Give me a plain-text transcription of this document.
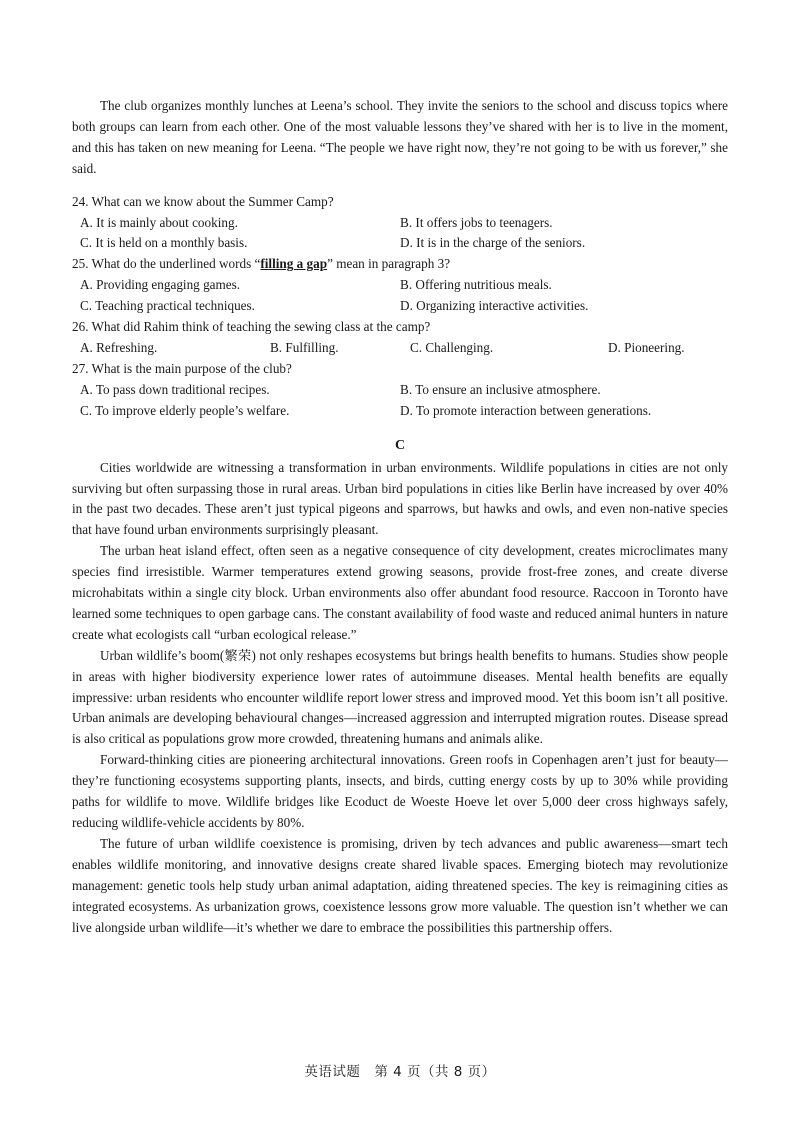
The club organizes monthly lunches at Leena’s school. They invite the seniors to the school and discuss topics where both groups can learn from each other. One of the most valuable lessons they’ve shared with her is to live in the moment, and this has taken on new meaning for Leena. “The people we have right now, they’re not going to be with us forever,” she said.

24. What can we know about the Summer Camp?

A. It is mainly about cooking.	B. It offers jobs to teenagers.
C. It is held on a monthly basis.	D. It is in the charge of the seniors.

25. What do the underlined words “filling a gap” mean in paragraph 3?

A. Providing engaging games.	B. Offering nutritious meals.
C. Teaching practical techniques.	D. Organizing interactive activities.

26. What did Rahim think of teaching the sewing class at the camp?

A. Refreshing.	B. Fulfilling.	C. Challenging.	D. Pioneering.

27. What is the main purpose of the club?

A. To pass down traditional recipes.	B. To ensure an inclusive atmosphere.
C. To improve elderly people’s welfare.	D. To promote interaction between generations.
C

Cities worldwide are witnessing a transformation in urban environments. Wildlife populations in cities are not only surviving but often surpassing those in rural areas. Urban bird populations in cities like Berlin have increased by over 40% in the past two decades. These aren’t just typical pigeons and sparrows, but hawks and owls, and even non-native species that have found urban environments surprisingly pleasant.

The urban heat island effect, often seen as a negative consequence of city development, creates microclimates many species find irresistible. Warmer temperatures extend growing seasons, provide frost-free zones, and create diverse microhabitats within a single city block. Urban environments also offer abundant food resource. Raccoon in Toronto have learned some techniques to open garbage cans. The constant availability of food waste and reduced animal hunters in nature create what ecologists call “urban ecological release.”

Urban wildlife’s boom(繁荣) not only reshapes ecosystems but brings health benefits to humans. Studies show people in areas with higher biodiversity experience lower rates of autoimmune diseases. Mental health benefits are equally impressive: urban residents who encounter wildlife report lower stress and improved mood. Yet this boom isn’t all positive. Urban animals are developing behavioural changes—increased aggression and interrupted migration routes. Disease spread is also critical as populations grow more crowded, threatening humans and animals alike.

Forward-thinking cities are pioneering architectural innovations. Green roofs in Copenhagen aren’t just for beauty—they’re functioning ecosystems supporting plants, insects, and birds, cutting energy costs by up to 30% while providing paths for wildlife to move. Wildlife bridges like Ecoduct de Woeste Hoeve let over 5,000 deer cross highways safely, reducing wildlife-vehicle accidents by 80%.

The future of urban wildlife coexistence is promising, driven by tech advances and public awareness—smart tech enables wildlife monitoring, and innovative designs create shared livable spaces. Emerging biotech may revolutionize management: genetic tools help study urban animal adaptation, aiding threatened species. The key is reimagining cities as integrated ecosystems. As urbanization grows, coexistence lessons grow more valuable. The question isn’t whether we can live alongside urban wildlife—it’s whether we dare to embrace the possibilities this partnership offers.

英语试题　第 4 页（共 8 页）
